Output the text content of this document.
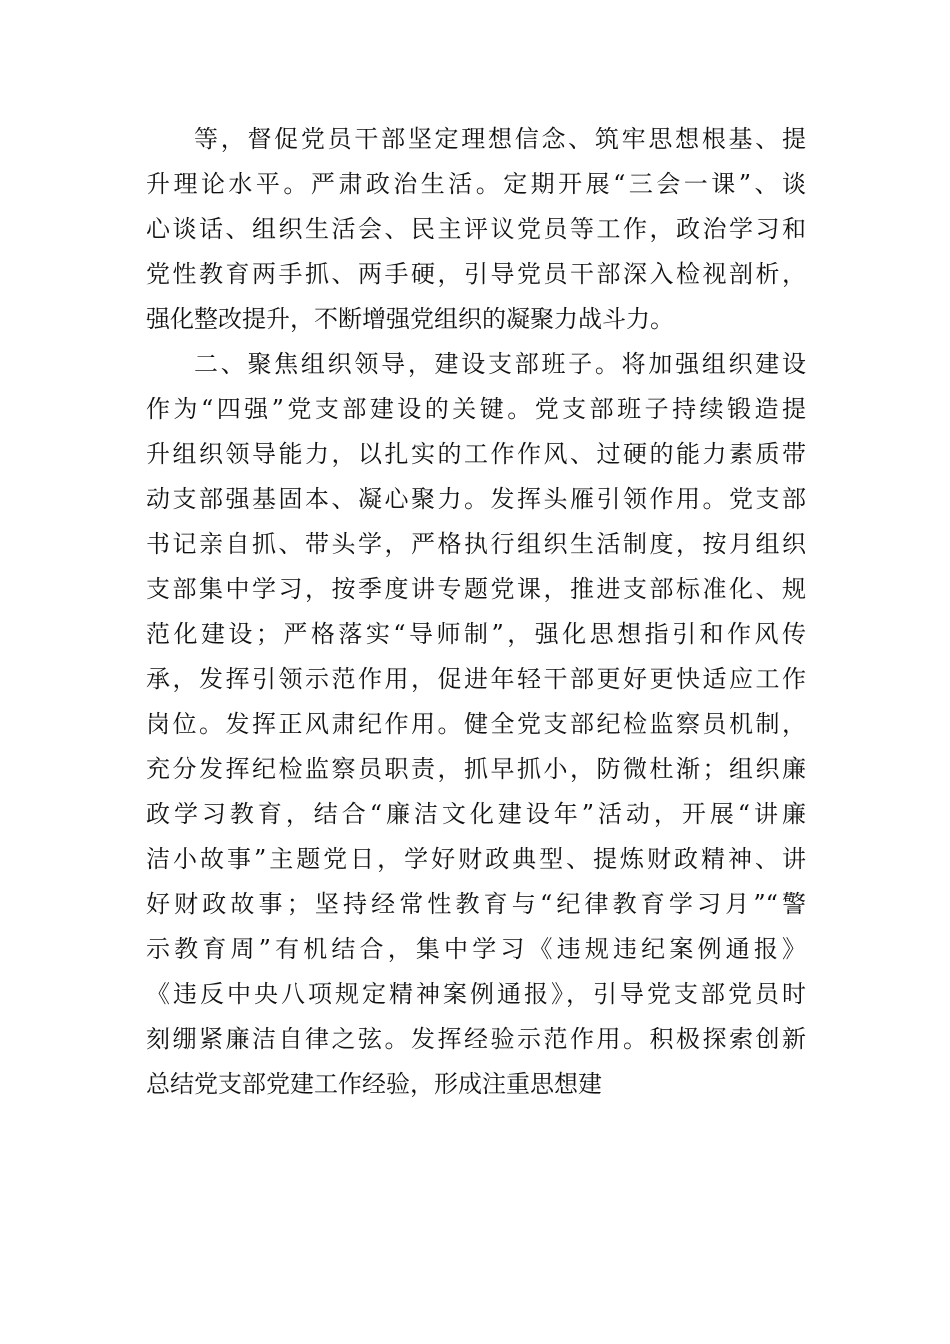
等，督促党员干部坚定理想信念、筑牢思想根基、提
升理论水平。严肃政治生活。定期开展“三会一课”、谈
心谈话、组织生活会、民主评议党员等工作，政治学习和
党性教育两手抓、两手硬，引导党员干部深入检视剖析，
强化整改提升，不断增强党组织的凝聚力战斗力。
二、聚焦组织领导，建设支部班子。将加强组织建设
作为“四强”党支部建设的关键。党支部班子持续锻造提
升组织领导能力，以扎实的工作作风、过硬的能力素质带
动支部强基固本、凝心聚力。发挥头雁引领作用。党支部
书记亲自抓、带头学，严格执行组织生活制度，按月组织
支部集中学习，按季度讲专题党课，推进支部标准化、规
范化建设；严格落实“导师制”，强化思想指引和作风传
承，发挥引领示范作用，促进年轻干部更好更快适应工作
岗位。发挥正风肃纪作用。健全党支部纪检监察员机制，
充分发挥纪检监察员职责，抓早抓小，防微杜渐；组织廉
政学习教育，结合“廉洁文化建设年”活动，开展“讲廉
洁小故事”主题党日，学好财政典型、提炼财政精神、讲
好财政故事；坚持经常性教育与“纪律教育学习月”“警
示教育周”有机结合，集中学习《违规违纪案例通报》
《违反中央八项规定精神案例通报》，引导党支部党员时
刻绷紧廉洁自律之弦。发挥经验示范作用。积极探索创新
总结党支部党建工作经验，形成注重思想建
